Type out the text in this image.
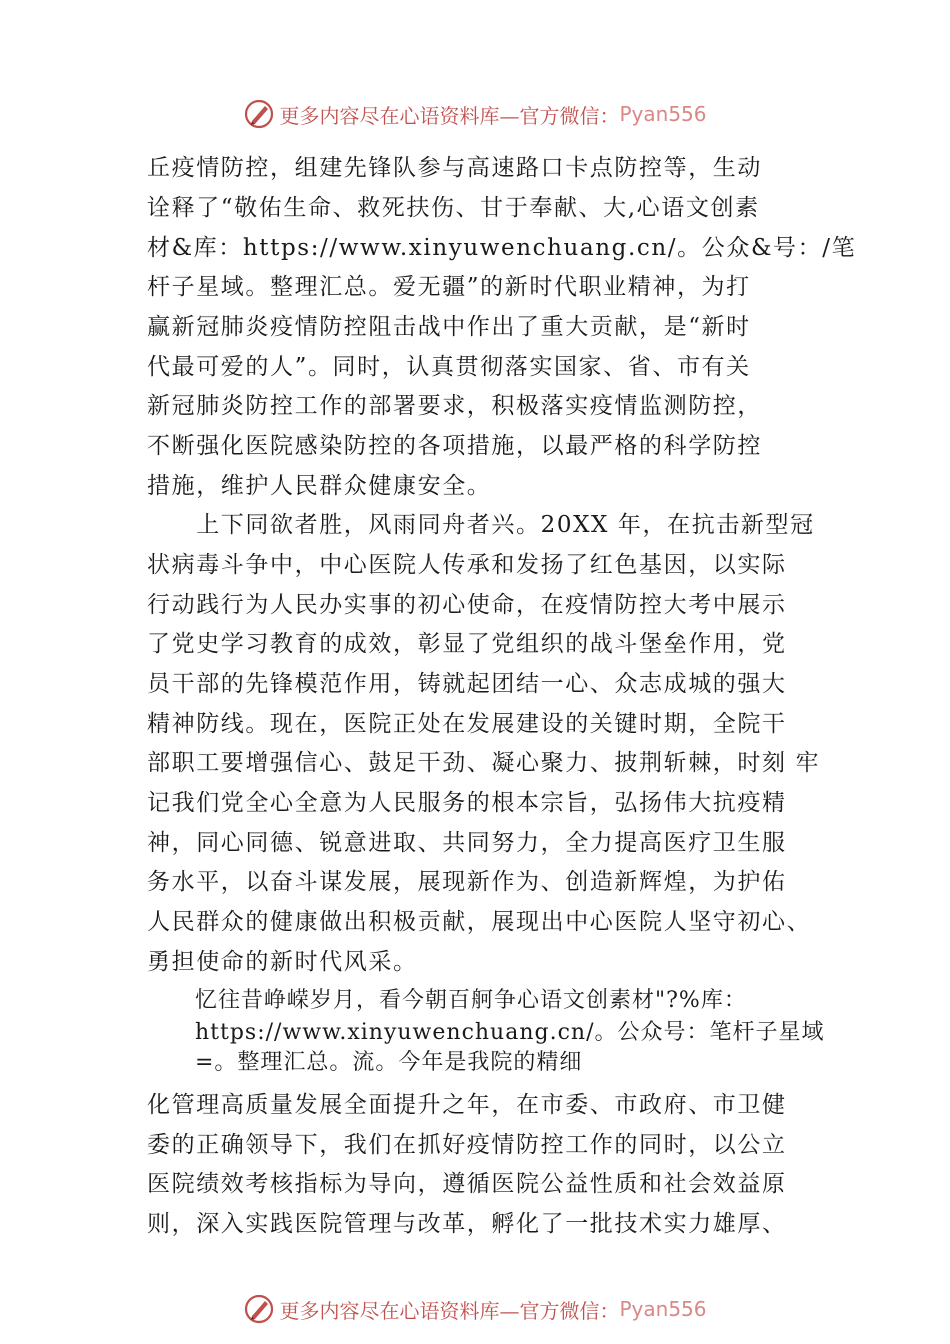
更多内容尽在心语资料库—官方微信： Pyan556
丘疫情防控，组建先锋队参与高速路口卡点防控等，生动
诠释了“敬佑生命、救死扶伤、甘于奉献、大,心语文创素
材&库：https://www.xinyuwenchuang.cn/。公众&号：/笔
杆子星域。整理汇总。爱无疆”的新时代职业精神，为打
赢新冠肺炎疫情防控阻击战中作出了重大贡献，是“新时
代最可爱的人”。同时，认真贯彻落实国家、省、市有关
新冠肺炎防控工作的部署要求，积极落实疫情监测防控，
不断强化医院感染防控的各项措施，以最严格的科学防控
措施，维护人民群众健康安全。
　　上下同欲者胜，风雨同舟者兴。20XX 年，在抗击新型冠
状病毒斗争中，中心医院人传承和发扬了红色基因，以实际
行动践行为人民办实事的初心使命，在疫情防控大考中展示
了党史学习教育的成效，彰显了党组织的战斗堡垒作用，党
员干部的先锋模范作用，铸就起团结一心、众志成城的强大
精神防线。现在，医院正处在发展建设的关键时期，全院干
部职工要增强信心、鼓足干劲、凝心聚力、披荆斩棘，时刻 牢
记我们党全心全意为人民服务的根本宗旨，弘扬伟大抗疫精
神，同心同德、锐意进取、共同努力，全力提高医疗卫生服
务水平，以奋斗谋发展，展现新作为、创造新辉煌，为护佑
人民群众的健康做出积极贡献，展现出中心医院人坚守初心、
勇担使命的新时代风采。
忆往昔峥嵘岁月，看今朝百舸争心语文创素材"?%库：
https://www.xinyuwenchuang.cn/。公众号：笔杆子星域
=。整理汇总。流。今年是我院的精细
化管理高质量发展全面提升之年，在市委、市政府、市卫健
委的正确领导下，我们在抓好疫情防控工作的同时，以公立
医院绩效考核指标为导向，遵循医院公益性质和社会效益原
则，深入实践医院管理与改革，孵化了一批技术实力雄厚、
更多内容尽在心语资料库—官方微信： Pyan556
